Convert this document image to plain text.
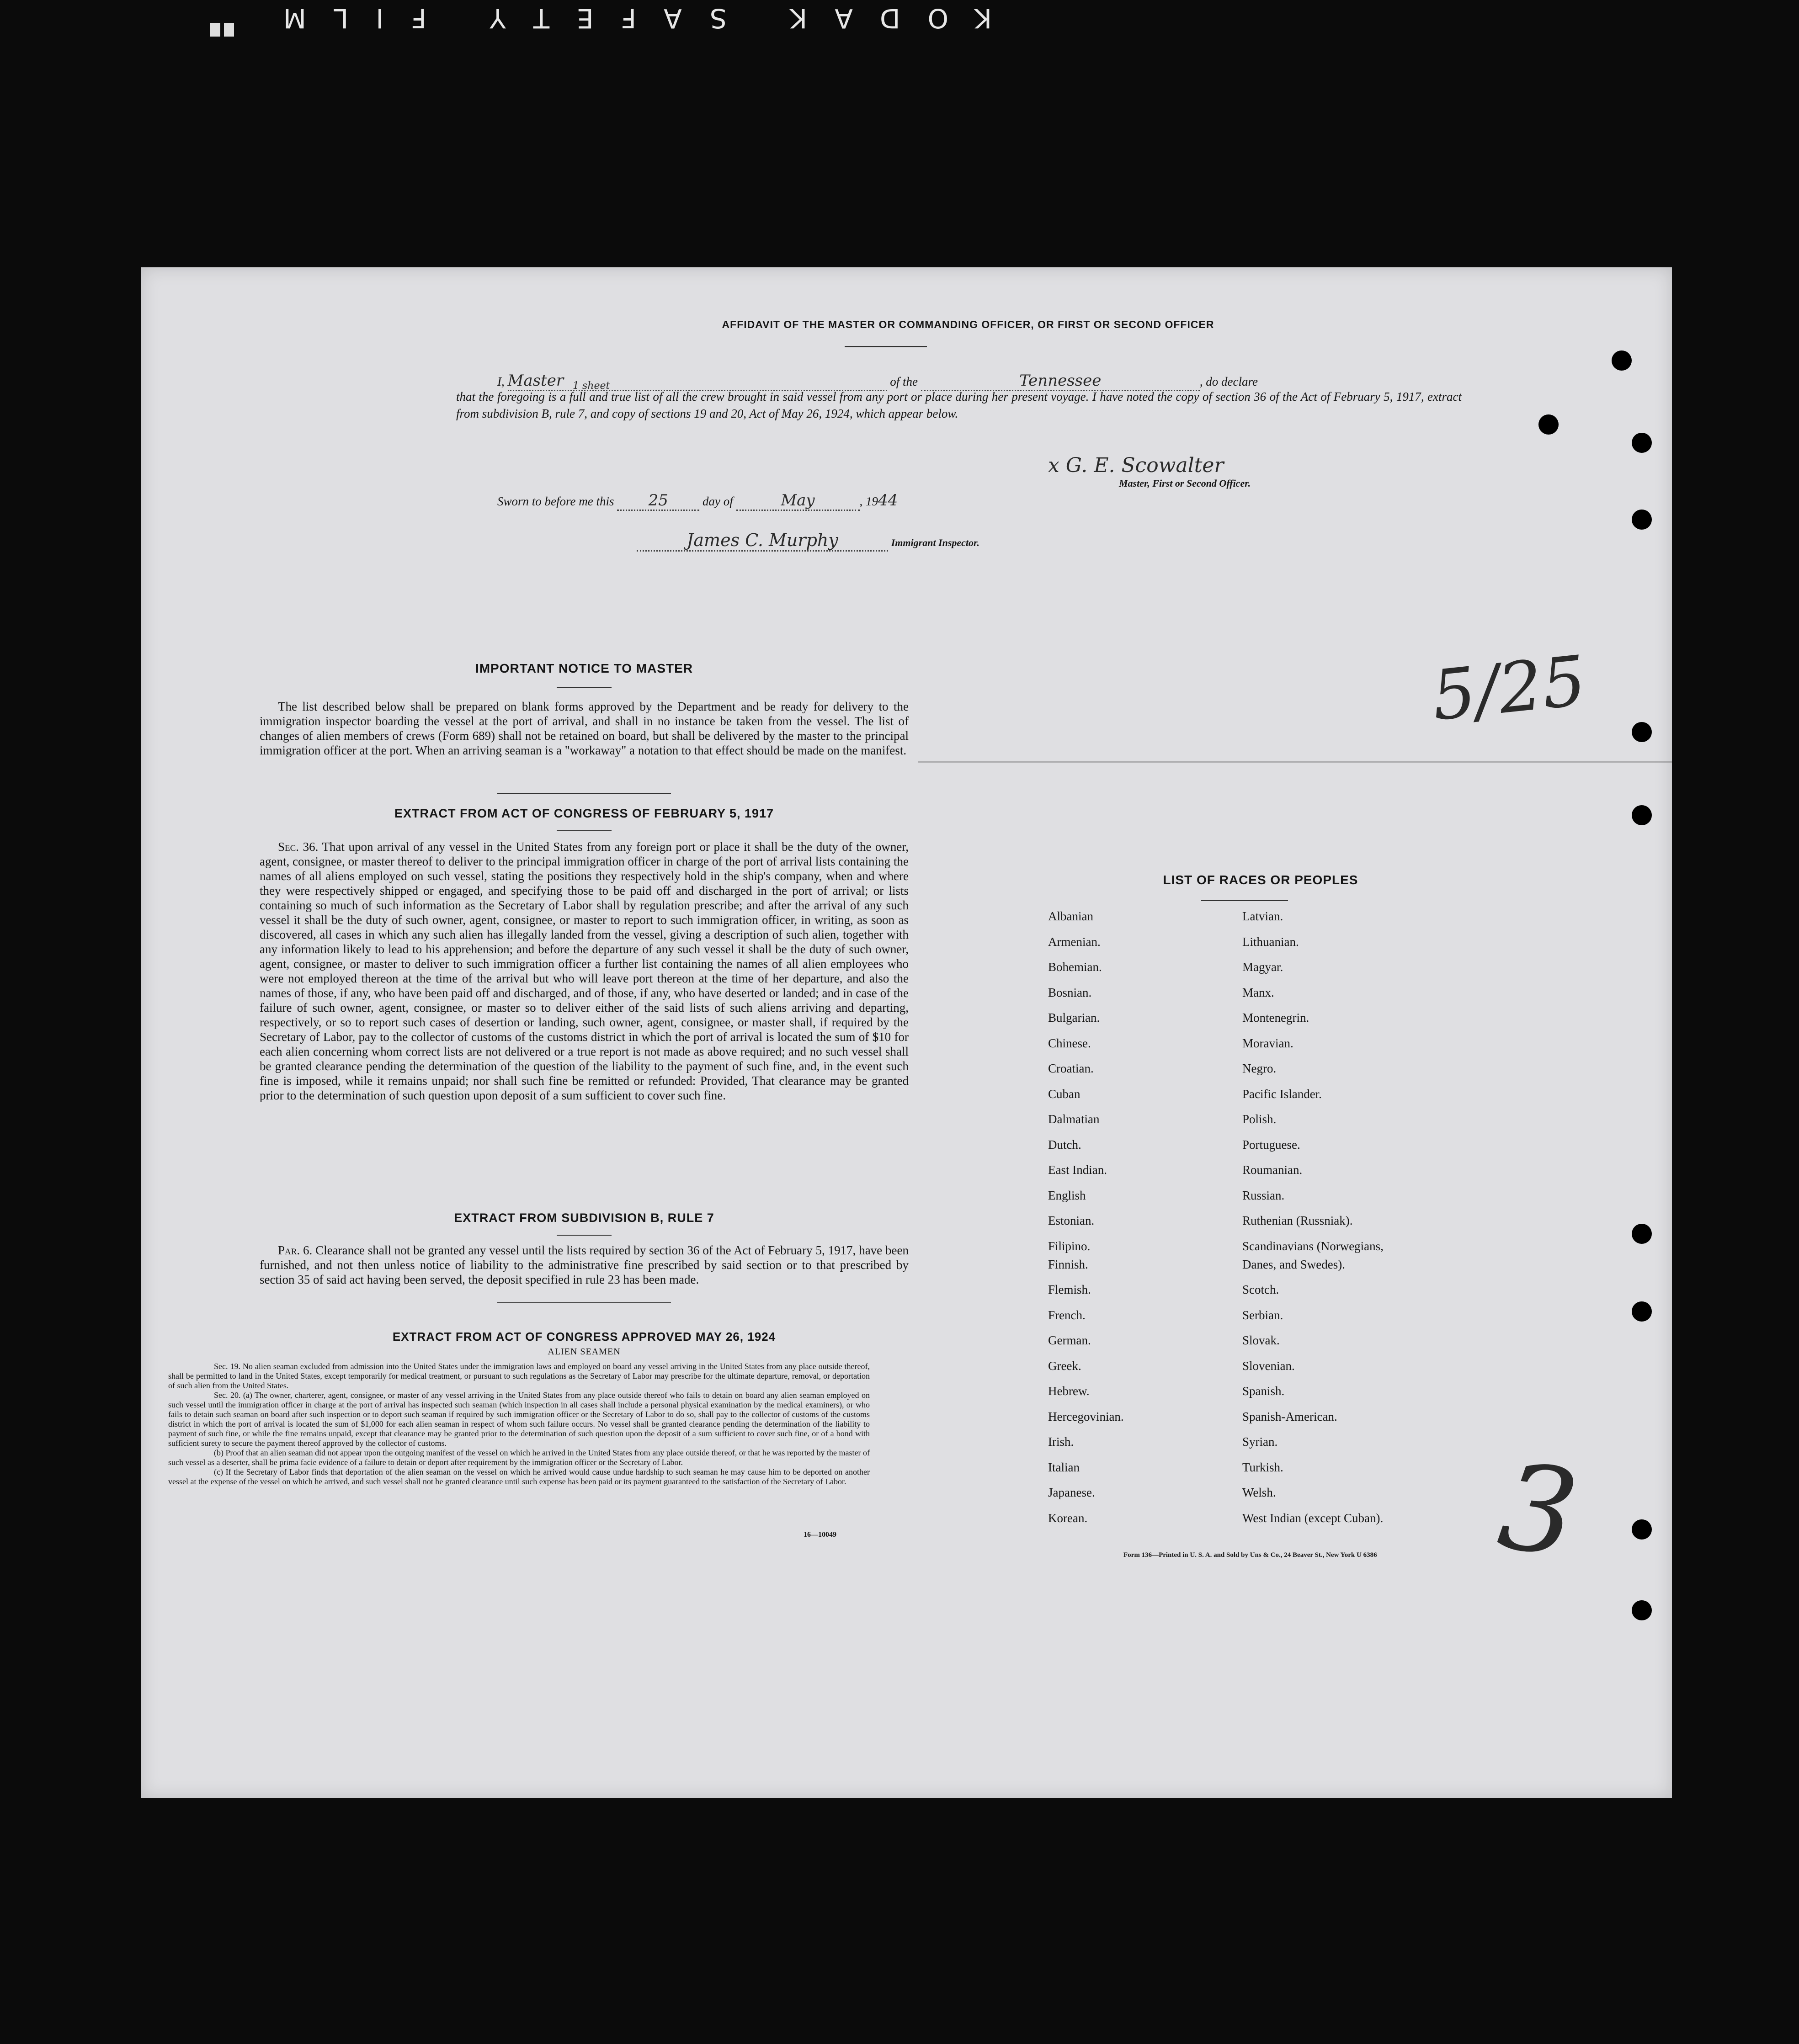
KODAK SAFETY FILM
AFFIDAVIT OF THE MASTER OR COMMANDING OFFICER, OR FIRST OR SECOND OFFICER
I, Master	of the	Tennessee	, do declare
1 sheet
that the foregoing is a full and true list of all the crew brought in said vessel from any port or place during her present voyage. I have noted the copy of section 36 of the Act of February 5, 1917, extract from subdivision B, rule 7, and copy of sections 19 and 20, Act of May 26, 1924, which appear below.
x G. E. Scowalter
Master, First or Second Officer.
Sworn to before me this 25	day of	May	, 1944
James C. Murphy	Immigrant Inspector.
5/25
3
IMPORTANT NOTICE TO MASTER
The list described below shall be prepared on blank forms approved by the Department and be ready for delivery to the immigration inspector boarding the vessel at the port of arrival, and shall in no instance be taken from the vessel. The list of changes of alien members of crews (Form 689) shall not be retained on board, but shall be delivered by the master to the principal immigration officer at the port. When an arriving seaman is a "workaway" a notation to that effect should be made on the manifest.
EXTRACT FROM ACT OF CONGRESS OF FEBRUARY 5, 1917
Sec. 36. That upon arrival of any vessel in the United States from any foreign port or place it shall be the duty of the owner, agent, consignee, or master thereof to deliver to the principal immigration officer in charge of the port of arrival lists containing the names of all aliens employed on such vessel, stating the positions they respectively hold in the ship's company, when and where they were respectively shipped or engaged, and specifying those to be paid off and discharged in the port of arrival; or lists containing so much of such information as the Secretary of Labor shall by regulation prescribe; and after the arrival of any such vessel it shall be the duty of such owner, agent, consignee, or master to report to such immigration officer, in writing, as soon as discovered, all cases in which any such alien has illegally landed from the vessel, giving a description of such alien, together with any information likely to lead to his apprehension; and before the departure of any such vessel it shall be the duty of such owner, agent, consignee, or master to deliver to such immigration officer a further list containing the names of all alien employees who were not employed thereon at the time of the arrival but who will leave port thereon at the time of her departure, and also the names of those, if any, who have been paid off and discharged, and of those, if any, who have deserted or landed; and in case of the failure of such owner, agent, consignee, or master so to deliver either of the said lists of such aliens arriving and departing, respectively, or so to report such cases of desertion or landing, such owner, agent, consignee, or master shall, if required by the Secretary of Labor, pay to the collector of customs of the customs district in which the port of arrival is located the sum of $10 for each alien concerning whom correct lists are not delivered or a true report is not made as above required; and no such vessel shall be granted clearance pending the determination of the question of the liability to the payment of such fine, and, in the event such fine is imposed, while it remains unpaid; nor shall such fine be remitted or refunded: Provided, That clearance may be granted prior to the determination of such question upon deposit of a sum sufficient to cover such fine.
EXTRACT FROM SUBDIVISION B, RULE 7
Par. 6. Clearance shall not be granted any vessel until the lists required by section 36 of the Act of February 5, 1917, have been furnished, and not then unless notice of liability to the administrative fine prescribed by said section or to that prescribed by section 35 of said act having been served, the deposit specified in rule 23 has been made.
EXTRACT FROM ACT OF CONGRESS APPROVED MAY 26, 1924
ALIEN SEAMEN
Sec. 19. No alien seaman excluded from admission into the United States under the immigration laws and employed on board any vessel arriving in the United States from any place outside thereof, shall be permitted to land in the United States, except temporarily for medical treatment, or pursuant to such regulations as the Secretary of Labor may prescribe for the ultimate departure, removal, or deportation of such alien from the United States.
Sec. 20. (a) The owner, charterer, agent, consignee, or master of any vessel arriving in the United States from any place outside thereof who fails to detain on board any alien seaman employed on such vessel until the immigration officer in charge at the port of arrival has inspected such seaman (which inspection in all cases shall include a personal physical examination by the medical examiners), or who fails to detain such seaman on board after such inspection or to deport such seaman if required by such immigration officer or the Secretary of Labor to do so, shall pay to the collector of customs of the customs district in which the port of arrival is located the sum of $1,000 for each alien seaman in respect of whom such failure occurs. No vessel shall be granted clearance pending the determination of the liability to payment of such fine, or while the fine remains unpaid, except that clearance may be granted prior to the determination of such question upon the deposit of a sum sufficient to cover such fine, or of a bond with sufficient surety to secure the payment thereof approved by the collector of customs.
(b) Proof that an alien seaman did not appear upon the outgoing manifest of the vessel on which he arrived in the United States from any place outside thereof, or that he was reported by the master of such vessel as a deserter, shall be prima facie evidence of a failure to detain or deport after requirement by the immigration officer or the Secretary of Labor.
(c) If the Secretary of Labor finds that deportation of the alien seaman on the vessel on which he arrived would cause undue hardship to such seaman he may cause him to be deported on another vessel at the expense of the vessel on which he arrived, and such vessel shall not be granted clearance until such expense has been paid or its payment guaranteed to the satisfaction of the Secretary of Labor.
16—10049
LIST OF RACES OR PEOPLES
Albanian	Latvian.
Armenian.	Lithuanian.
Bohemian.	Magyar.
Bosnian.	Manx.
Bulgarian.	Montenegrin.
Chinese.	Moravian.
Croatian.	Negro.
Cuban	Pacific Islander.
Dalmatian	Polish.
Dutch.	Portuguese.
East Indian.	Roumanian.
English	Russian.
Estonian.	Ruthenian (Russniak).
Filipino.	Scandinavians (Norwegians,
Finnish.	Danes, and Swedes).
Flemish.	Scotch.
French.	Serbian.
German.	Slovak.
Greek.	Slovenian.
Hebrew.	Spanish.
Hercegovinian.	Spanish-American.
Irish.	Syrian.
Italian	Turkish.
Japanese.	Welsh.
Korean.	West Indian (except Cuban).
Form 136—Printed in U. S. A. and Sold by Uns & Co., 24 Beaver St., New York U 6386
